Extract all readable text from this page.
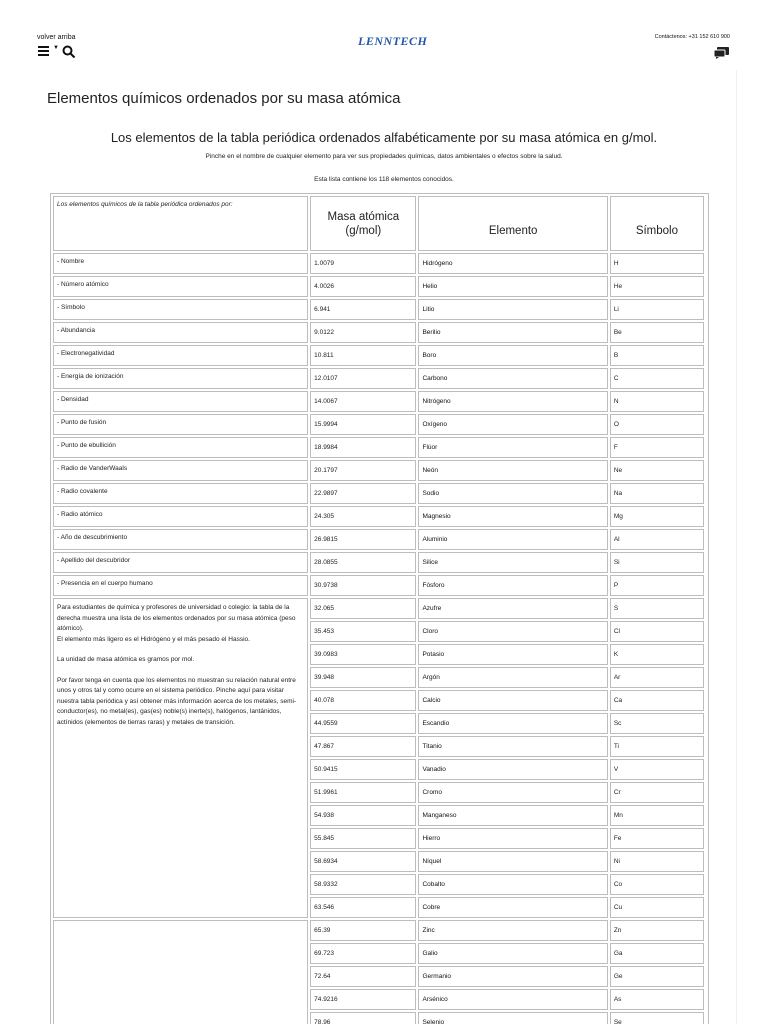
volver arriba
▼	LENNTECH	Contáctenos: +31 152 610 900
Elementos químicos ordenados por su masa atómica
Los elementos de la tabla periódica ordenados alfabéticamente por su masa atómica en g/mol.
Pinche en el nombre de cualquier elemento para ver sus propiedades químicas, datos ambientales o efectos sobre la salud.
Esta lista contiene los 118 elementos conocidos.
Los elementos químicos de la tabla periódica ordenados por:	Masa atómica (g/mol)	Elemento	Símbolo
- Nombre	1.0079	Hidrógeno	H
- Número atómico	4.0026	Helio	He
- Símbolo	6.941	Litio	Li
- Abundancia	9.0122	Berilio	Be
- Electronegatividad	10.811	Boro	B
- Energía de ionización	12.0107	Carbono	C
- Densidad	14.0067	Nitrógeno	N
- Punto de fusión	15.9994	Oxígeno	O
- Punto de ebullición	18.9984	Flúor	F
- Radio de VanderWaals	20.1797	Neón	Ne
- Radio covalente	22.9897	Sodio	Na
- Radio atómico	24.305	Magnesio	Mg
- Año de descubrimiento	26.9815	Aluminio	Al
- Apellido del descubridor	28.0855	Silice	Si
- Presencia en el cuerpo humano	30.9738	Fósforo	P

Para estudiantes de química y profesores de universidad o colegio: la tabla de la derecha muestra una lista de los elementos ordenados por su masa atómica (peso atómico).

El elemento más ligero es el Hidrógeno y el más pesado el Hassio.

La unidad de masa atómica es gramos por mol.

Por favor tenga en cuenta que los elementos no muestran su relación natural entre unos y otros tal y como ocurre en el sistema periódico. Pinche aquí para visitar nuestra tabla periódica y así obtener más información acerca de los metales, semi-conductor(es), no metal(es), gas(es) noble(s) inerte(s), halógenos, lantánidos, actínidos (elementos de tierras raras) y metales de transición.	32.065	Azufre	S
	35.453	Cloro	Cl
	39.0983	Potasio	K
	39.948	Argón	Ar
	40.078	Calcio	Ca
	44.9559	Escandio	Sc
	47.867	Titanio	Ti
	50.9415	Vanadio	V
	51.9961	Cromo	Cr
	54.938	Manganeso	Mn
	55.845	Hierro	Fe
	58.6934	Níquel	Ni
	58.9332	Cobalto	Co
	63.546	Cobre	Cu
	65.39	Zinc	Zn
	69.723	Galio	Ga
	72.64	Germanio	Ge
	74.9216	Arsénico	As
	78.96	Selenio	Se
